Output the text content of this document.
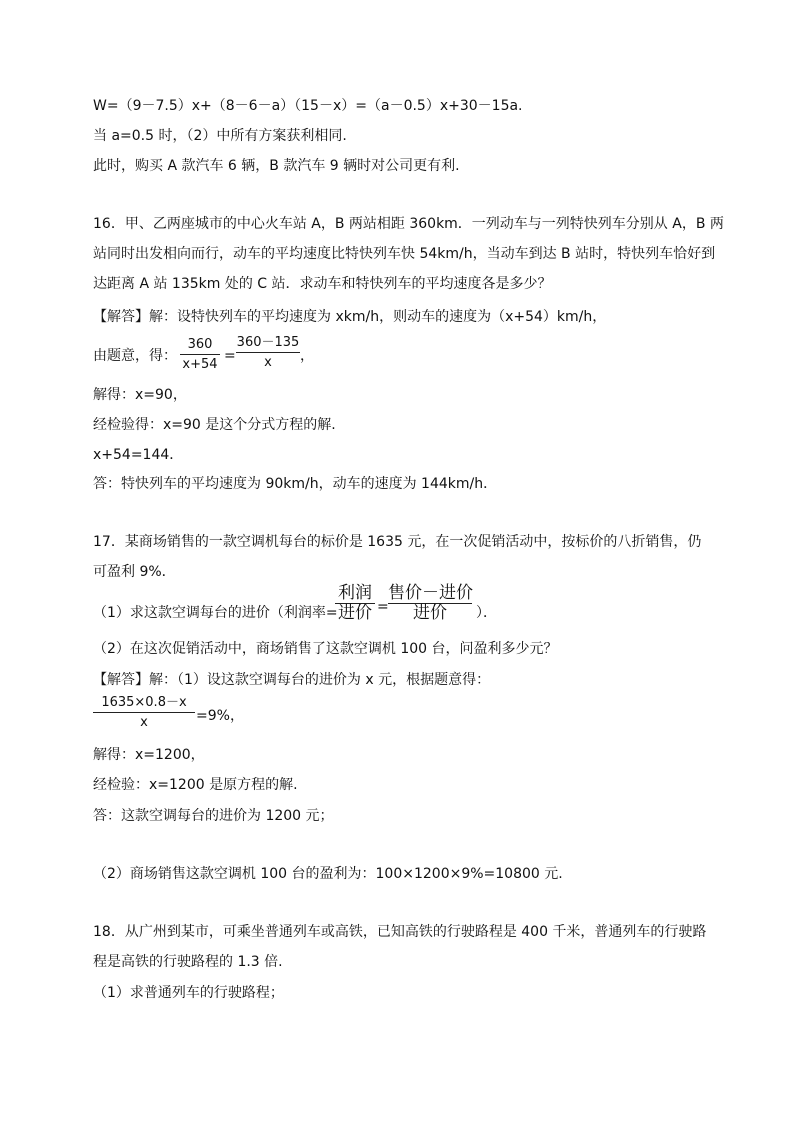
W=（9－7.5）x+（8－6－a）（15－x）=（a－0.5）x+30－15a.
当 a=0.5 时，（2）中所有方案获利相同.
此时，购买 A 款汽车 6 辆，B 款汽车 9 辆时对公司更有利.
16．甲、乙两座城市的中心火车站 A，B 两站相距 360km．一列动车与一列特快列车分别从 A，B 两
站同时出发相向而行，动车的平均速度比特快列车快 54km/h，当动车到达 B 站时，特快列车恰好到
达距离 A 站 135km 处的 C 站．求动车和特快列车的平均速度各是多少？
【解答】解：设特快列车的平均速度为 xkm/h，则动车的速度为（x+54）km/h，
由题意，得：
360
x+54
=
360－135
x	，
解得：x=90，
经检验得：x=90 是这个分式方程的解.
x+54=144．
答：特快列车的平均速度为 90km/h，动车的速度为 144km/h．
17．某商场销售的一款空调机每台的标价是 1635 元，在一次促销活动中，按标价的八折销售，仍
可盈利 9%．
（1）求这款空调每台的进价（利润率=
利润
进价 =
售价－进价
进价	）．
（2）在这次促销活动中，商场销售了这款空调机 100 台，问盈利多少元？
【解答】解：（1）设这款空调每台的进价为 x 元，根据题意得：
1635×0.8－x
x	=9%，
解得：x=1200，
经检验：x=1200 是原方程的解.
答：这款空调每台的进价为 1200 元；
（2）商场销售这款空调机 100 台的盈利为：100×1200×9%=10800 元.
18．从广州到某市，可乘坐普通列车或高铁，已知高铁的行驶路程是 400 千米，普通列车的行驶路
程是高铁的行驶路程的 1.3 倍.
（1）求普通列车的行驶路程；
